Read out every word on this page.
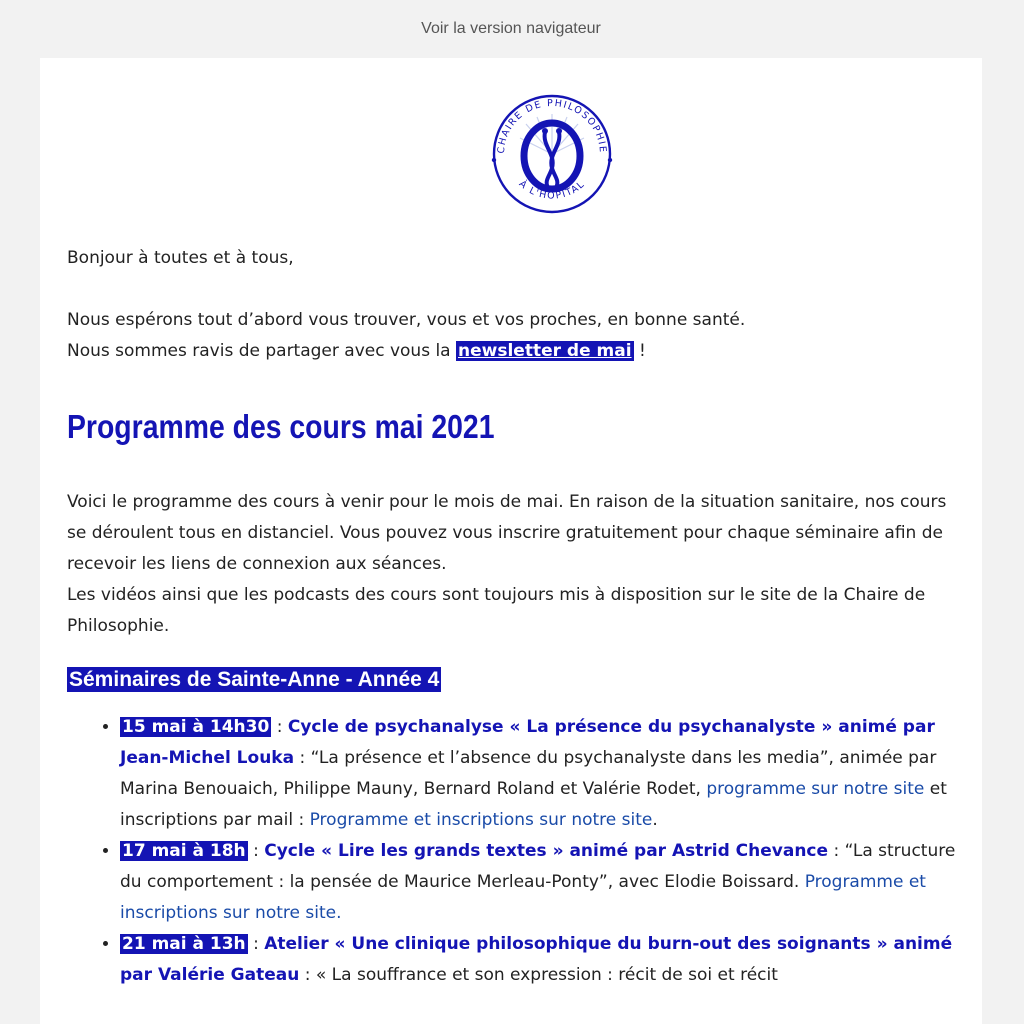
Voir la version navigateur
CHAIRE DE PHILOSOPHIE
À L'HÔPITAL

Bonjour à toutes et à tous,

Nous espérons tout d’abord vous trouver, vous et vos proches, en bonne santé.

Nous sommes ravis de partager avec vous la newsletter de mai !

Programme des cours mai 2021

Voici le programme des cours à venir pour le mois de mai. En raison de la situation sanitaire, nos cours se déroulent tous en distanciel. Vous pouvez vous inscrire gratuitement pour chaque séminaire afin de recevoir les liens de connexion aux séances.

Les vidéos ainsi que les podcasts des cours sont toujours mis à disposition sur le site de la Chaire de Philosophie.

Séminaires de Sainte-Anne - Année 4
• 15 mai à 14h30 : Cycle de psychanalyse « La présence du psychanalyste » animé par Jean-Michel Louka : “La présence et l’absence du psychanalyste dans les media”, animée par Marina Benouaich, Philippe Mauny, Bernard Roland et Valérie Rodet, programme sur notre site et inscriptions par mail : Programme et inscriptions sur notre site.
• 17 mai à 18h : Cycle « Lire les grands textes » animé par Astrid Chevance : “La structure du comportement : la pensée de Maurice Merleau-Ponty”, avec Elodie Boissard. Programme et inscriptions sur notre site.
• 21 mai à 13h : Atelier « Une clinique philosophique du burn-out des soignants » animé par Valérie Gateau : « La souffrance et son expression : récit de soi et récit
